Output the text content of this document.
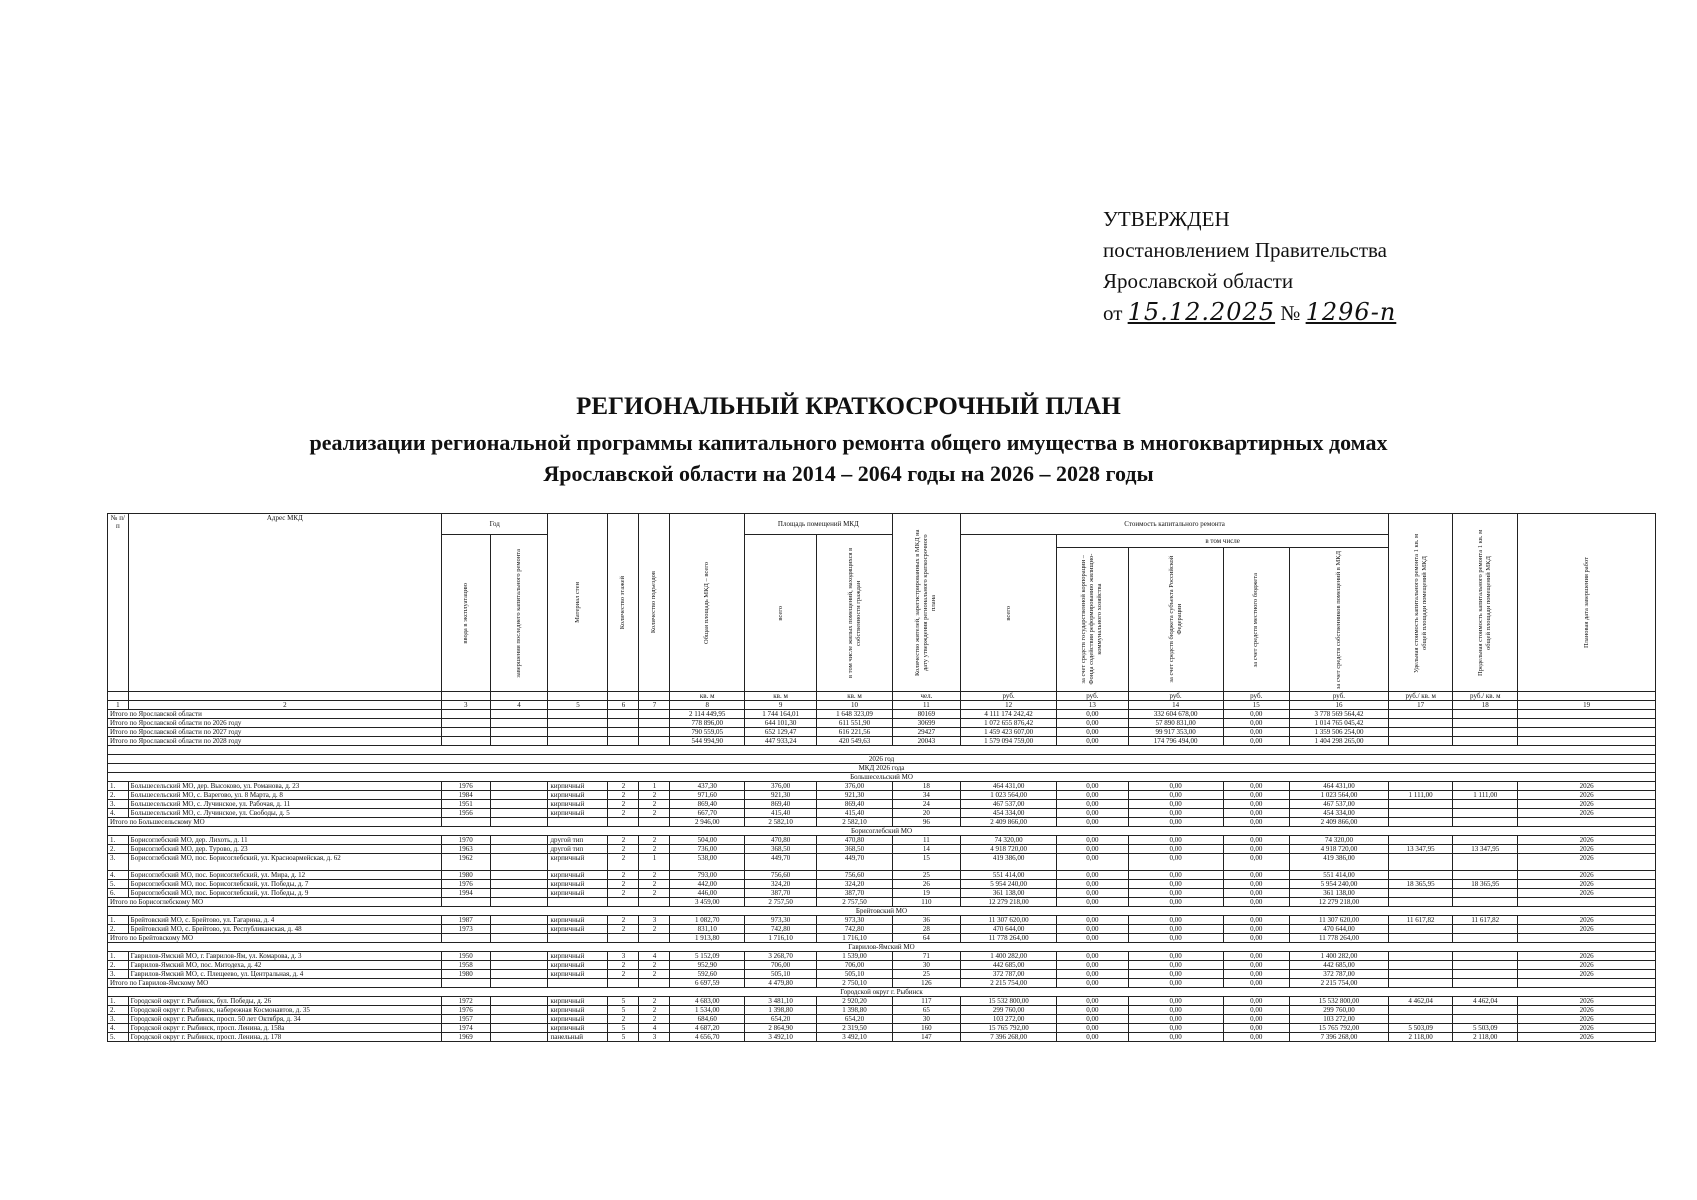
УТВЕРЖДЕН
постановлением Правительства
Ярославской области
от 15.12.2025 № 1296-п
РЕГИОНАЛЬНЫЙ КРАТКОСРОЧНЫЙ ПЛАН
реализации региональной программы капитального ремонта общего имущества в многоквартирных домах
Ярославской области на 2014 – 2064 годы на 2026 – 2028 годы
№ п/п	Адрес МКД	Год		Материал стен	Количество этажей	Количество подъездов	Общая площадь МКД – всего	Площадь помещений МКД		Количество жителей, зарегистрированных в МКД на дату утверждения регионального краткосрочного плана	Стоимость капитального ремонта					Удельная стоимость капитального ремонта 1 кв. м общей площади помещений МКД	Предельная стоимость капитального ремонта 1 кв. м общей площади помещений МКД	Плановая дата завершения работ

		ввода в эксплуатацию	завершения последнего капитального ремонта					всего	в том числе жилых помещений, находящихся в собственности граждан		всего	в том числе						

												за счет средств государственной корпорации – Фонда содействия реформированию жилищно-коммунального хозяйства	за счет средств бюджета субъекта Российской Федерации	за счет средств местного бюджета	за счет средств собственников помещений в МКД			

							кв. м	кв. м	кв. м	чел.	руб.	руб.	руб.	руб.	руб.	руб./ кв. м	руб./ кв. м	
1	2	3	4	5	6	7	8	9	10	11	12	13	14	15	16	17	18	19
Итого по Ярославской области							2 114 449,95	1 744 164,01	1 648 323,09	80169	4 111 174 242,42	0,00	332 604 678,00	0,00	3 778 569 564,42			
Итого по Ярославской области по 2026 году							778 896,00	644 101,30	611 551,90	30699	1 072 655 876,42	0,00	57 890 831,00	0,00	1 014 765 045,42			
Итого по Ярославской области по 2027 году							790 559,05	652 129,47	616 221,56	29427	1 459 423 607,00	0,00	99 917 353,00	0,00	1 359 506 254,00			
Итого по Ярославской области по 2028 году							544 994,90	447 933,24	420 549,63	20043	1 579 094 759,00	0,00	174 796 494,00	0,00	1 404 298 265,00			

2026 год																		
МКД 2026 года																		
Большесельский МО																		
1.	Большесельский МО, дер. Высоково, ул. Романова, д. 23	1976		кирпичный	2	1	437,30	376,00	376,00	18	464 431,00	0,00	0,00	0,00	464 431,00			2026
2.	Большесельский МО, с. Варегово, ул. 8 Марта, д. 8	1984		кирпичный	2	2	971,60	921,30	921,30	34	1 023 564,00	0,00	0,00	0,00	1 023 564,00	1 111,00	1 111,00	2026
3.	Большесельский МО, с. Лучинское, ул. Рабочая, д. 11	1951		кирпичный	2	2	869,40	869,40	869,40	24	467 537,00	0,00	0,00	0,00	467 537,00			2026
4.	Большесельский МО, с. Лучинское, ул. Свободы, д. 5	1956		кирпичный	2	2	667,70	415,40	415,40	20	454 334,00	0,00	0,00	0,00	454 334,00			2026
Итого по Большесельскому МО							2 946,00	2 582,10	2 582,10	96	2 409 866,00	0,00	0,00	0,00	2 409 866,00			
Борисоглебский МО																		
1.	Борисоглебский МО, дер. Лихоть, д. 11	1970		другой тип	2	2	504,00	470,80	470,80	11	74 320,00	0,00	0,00	0,00	74 320,00			2026
2.	Борисоглебский МО, дер. Турово, д. 23	1963		другой тип	2	2	736,00	368,50	368,50	14	4 918 720,00	0,00	0,00	0,00	4 918 720,00	13 347,95	13 347,95	2026
3.	Борисоглебский МО, пос. Борисоглебский, ул. Красноармейская, д. 62	1962		кирпичный	2	1	538,00	449,70	449,70	15	419 386,00	0,00	0,00	0,00	419 386,00			2026
4.	Борисоглебский МО, пос. Борисоглебский, ул. Мира, д. 12	1980		кирпичный	2	2	793,00	756,60	756,60	25	551 414,00	0,00	0,00	0,00	551 414,00			2026
5.	Борисоглебский МО, пос. Борисоглебский, ул. Победы, д. 7	1976		кирпичный	2	2	442,00	324,20	324,20	26	5 954 240,00	0,00	0,00	0,00	5 954 240,00	18 365,95	18 365,95	2026
6.	Борисоглебский МО, пос. Борисоглебский, ул. Победы, д. 9	1994		кирпичный	2	2	446,00	387,70	387,70	19	361 138,00	0,00	0,00	0,00	361 138,00			2026
Итого по Борисоглебскому МО							3 459,00	2 757,50	2 757,50	110	12 279 218,00	0,00	0,00	0,00	12 279 218,00			
Брейтовский МО																		
1.	Брейтовский МО, с. Брейтово, ул. Гагарина, д. 4	1987		кирпичный	2	3	1 082,70	973,30	973,30	36	11 307 620,00	0,00	0,00	0,00	11 307 620,00	11 617,82	11 617,82	2026
2.	Брейтовский МО, с. Брейтово, ул. Республиканская, д. 48	1973		кирпичный	2	2	831,10	742,80	742,80	28	470 644,00	0,00	0,00	0,00	470 644,00			2026
Итого по Брейтовскому МО							1 913,80	1 716,10	1 716,10	64	11 778 264,00	0,00	0,00	0,00	11 778 264,00			
Гаврилов-Ямский МО																		
1.	Гаврилов-Ямский МО, г. Гаврилов-Ям, ул. Комарова, д. 3	1950		кирпичный	3	4	5 152,09	3 268,70	1 539,00	71	1 400 282,00	0,00	0,00	0,00	1 400 282,00			2026
2.	Гаврилов-Ямский МО, пос. Митодеха, д. 42	1958		кирпичный	2	2	952,90	706,00	706,00	30	442 685,00	0,00	0,00	0,00	442 685,00			2026
3.	Гаврилов-Ямский МО, с. Плещеево, ул. Центральная, д. 4	1980		кирпичный	2	2	592,60	505,10	505,10	25	372 787,00	0,00	0,00	0,00	372 787,00			2026
Итого по Гаврилов-Ямскому МО							6 697,59	4 479,80	2 750,10	126	2 215 754,00	0,00	0,00	0,00	2 215 754,00			
Городской округ г. Рыбинск																		
1.	Городской округ г. Рыбинск, бул. Победы, д. 26	1972		кирпичный	5	2	4 683,00	3 481,10	2 920,20	117	15 532 800,00	0,00	0,00	0,00	15 532 800,00	4 462,04	4 462,04	2026
2.	Городской округ г. Рыбинск, набережная Космонавтов, д. 35	1976		кирпичный	5	2	1 534,00	1 398,80	1 398,80	65	299 760,00	0,00	0,00	0,00	299 760,00			2026
3.	Городской округ г. Рыбинск, просп. 50 лет Октября, д. 34	1957		кирпичный	2	2	684,60	654,20	654,20	30	103 272,00	0,00	0,00	0,00	103 272,00			2026
4.	Городской округ г. Рыбинск, просп. Ленина, д. 158а	1974		кирпичный	5	4	4 687,20	2 864,90	2 319,50	160	15 765 792,00	0,00	0,00	0,00	15 765 792,00	5 503,09	5 503,09	2026
5.	Городской округ г. Рыбинск, просп. Ленина, д. 178	1969		панельный	5	3	4 656,70	3 492,10	3 492,10	147	7 396 268,00	0,00	0,00	0,00	7 396 268,00	2 118,00	2 118,00	2026
